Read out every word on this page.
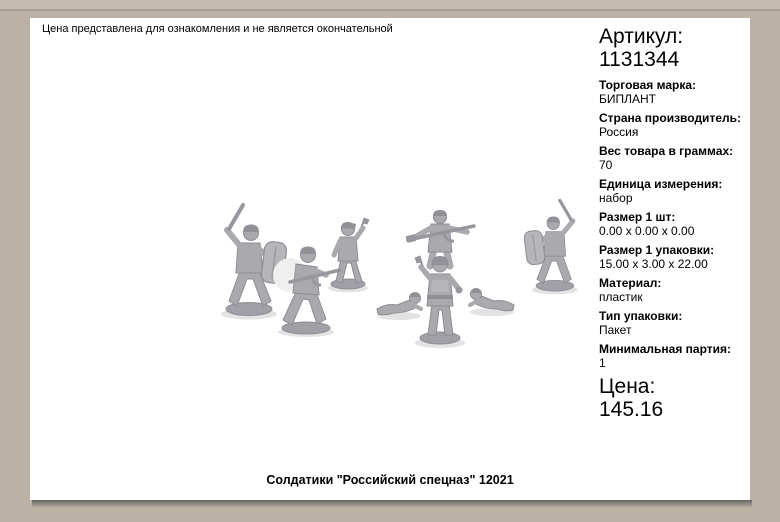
Цена представлена для ознакомления и не является окончательной	Артикул:
1131344
Торговая марка:
БИПЛАНТ
Страна производитель:
Россия
Вес товара в граммах:
70
Единица измерения:
набор
Размер 1 шт:
0.00 x 0.00 x 0.00
Размер 1 упаковки:
15.00 x 3.00 x 22.00
Материал:
пластик
Тип упаковки:
Пакет
Минимальная партия:
1
Цена:
145.16
Солдатики "Российский спецназ" 12021
